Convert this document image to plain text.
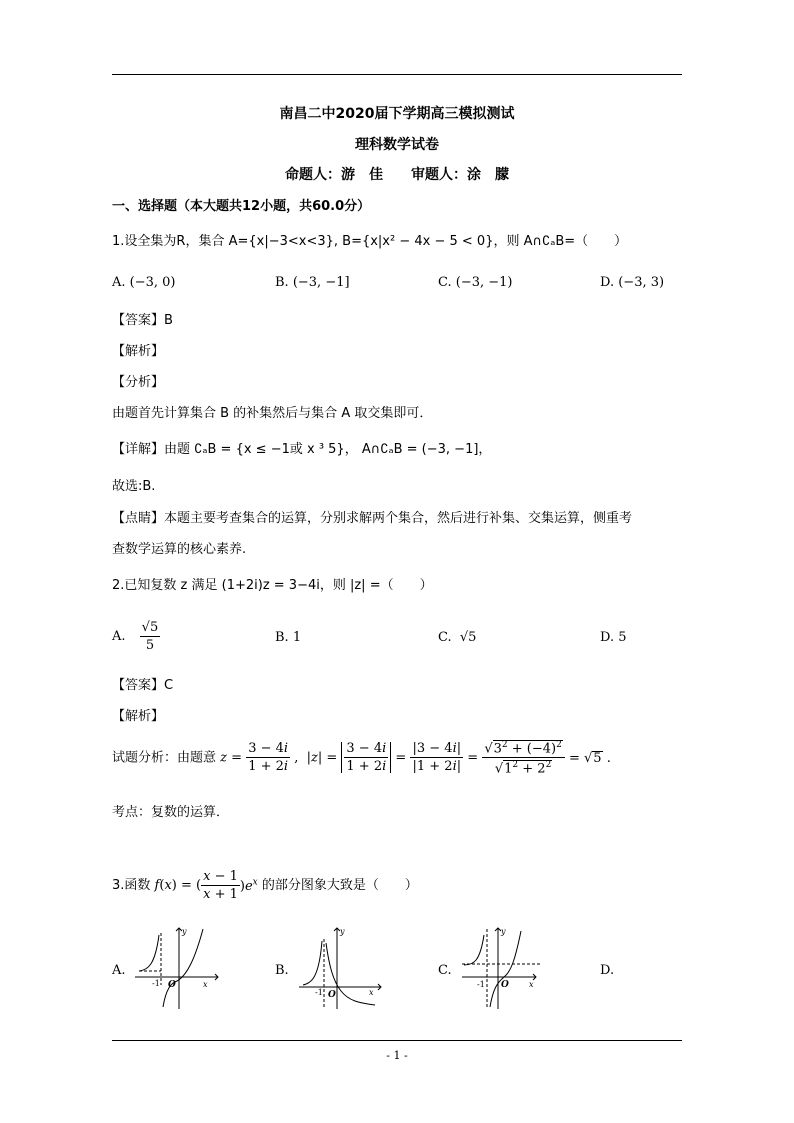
南昌二中2020届下学期高三模拟测试
理科数学试卷
命题人：游　佳　　审题人：涂　朦
一、选择题（本大题共12小题，共60.0分）
1.设全集为R，集合 A={x|−3<x<3}, B={x|x² − 4x − 5 < 0}，则 A∩∁ₐB=（　　）
A. (−3, 0)	B. (−3, −1]	C. (−3, −1)	D. (−3, 3)
【答案】B
【解析】
【分析】
由题首先计算集合 B 的补集然后与集合 A 取交集即可．
【详解】由题 ∁ₐB = {x ≤ −1或 x ³ 5}， A∩∁ₐB = (−3, −1]，
故选:B.
【点睛】本题主要考查集合的运算，分别求解两个集合，然后进行补集、交集运算，侧重考
查数学运算的核心素养.
2.已知复数 z 满足 (1+2i)z = 3−4i，则 |z| =（　　）
A. $\frac{√5}{5}$	B. 1	C. √5	D. 5
【答案】C
【解析】
试题分析：由题意 $z = \frac{3 - 4i}{1 + 2i}$ ,  $|z| = \frac{3 - 4i}{1 + 2i} = \frac{|3 - 4i|}{|1 + 2i|} = \frac{√3^2 + (-4)^2}{√1^2 + 2^2} = √5$ .
考点：复数的运算．
3.函数 f(x) = ( $\frac{x - 1}{x + 1} )e^x$ 的部分图象大致是（　　）
A.
y
-1 O	x
B.
y
-1 O	x
C.
y
-1 O	x
D.
- 1 -
